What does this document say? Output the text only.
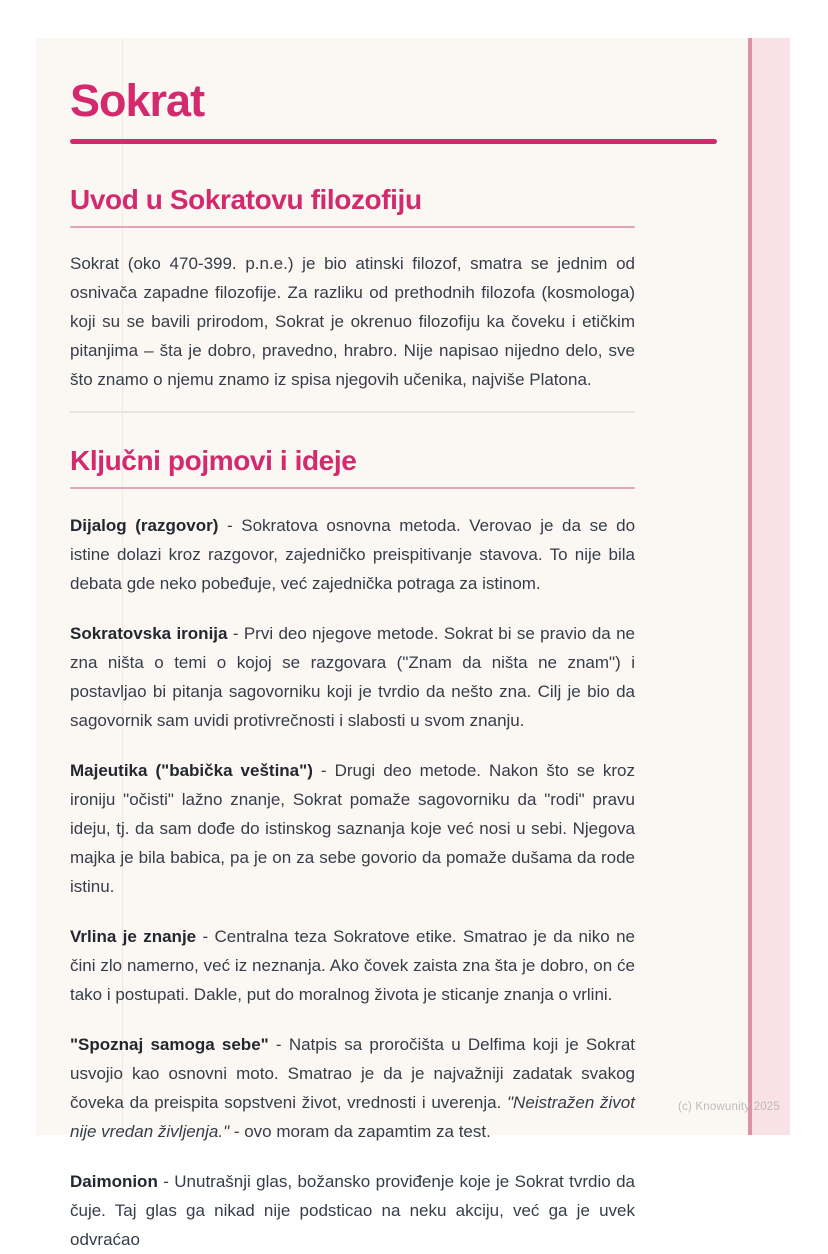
Sokrat
Uvod u Sokratovu filozofiju

Sokrat (oko 470-399. p.n.e.) je bio atinski filozof, smatra se jednim od osnivača zapadne filozofije. Za razliku od prethodnih filozofa (kosmologa) koji su se bavili prirodom, Sokrat je okrenuo filozofiju ka čoveku i etičkim pitanjima – šta je dobro, pravedno, hrabro. Nije napisao nijedno delo, sve što znamo o njemu znamo iz spisa njegovih učenika, najviše Platona.

Ključni pojmovi i ideje

Dijalog (razgovor) - Sokratova osnovna metoda. Verovao je da se do istine dolazi kroz razgovor, zajedničko preispitivanje stavova. To nije bila debata gde neko pobeđuje, već zajednička potraga za istinom.

Sokratovska ironija - Prvi deo njegove metode. Sokrat bi se pravio da ne zna ništa o temi o kojoj se razgovara ("Znam da ništa ne znam") i postavljao bi pitanja sagovorniku koji je tvrdio da nešto zna. Cilj je bio da sagovornik sam uvidi protivrečnosti i slabosti u svom znanju.

Majeutika ("babička veština") - Drugi deo metode. Nakon što se kroz ironiju "očisti" lažno znanje, Sokrat pomaže sagovorniku da "rodi" pravu ideju, tj. da sam dođe do istinskog saznanja koje već nosi u sebi. Njegova majka je bila babica, pa je on za sebe govorio da pomaže dušama da rode istinu.

Vrlina je znanje - Centralna teza Sokratove etike. Smatrao je da niko ne čini zlo namerno, već iz neznanja. Ako čovek zaista zna šta je dobro, on će tako i postupati. Dakle, put do moralnog života je sticanje znanja o vrlini.

"Spoznaj samoga sebe" - Natpis sa proročišta u Delfima koji je Sokrat usvojio kao osnovni moto. Smatrao je da je najvažniji zadatak svakog čoveka da preispita sopstveni život, vrednosti i uverenja. "Neistražen život nije vredan življenja." - ovo moram da zapamtim za test.

Daimonion - Unutrašnji glas, božansko proviđenje koje je Sokrat tvrdio da čuje. Taj glas ga nikad nije podsticao na neku akciju, već ga je uvek odvraćao

(c) Knowunity 2025
